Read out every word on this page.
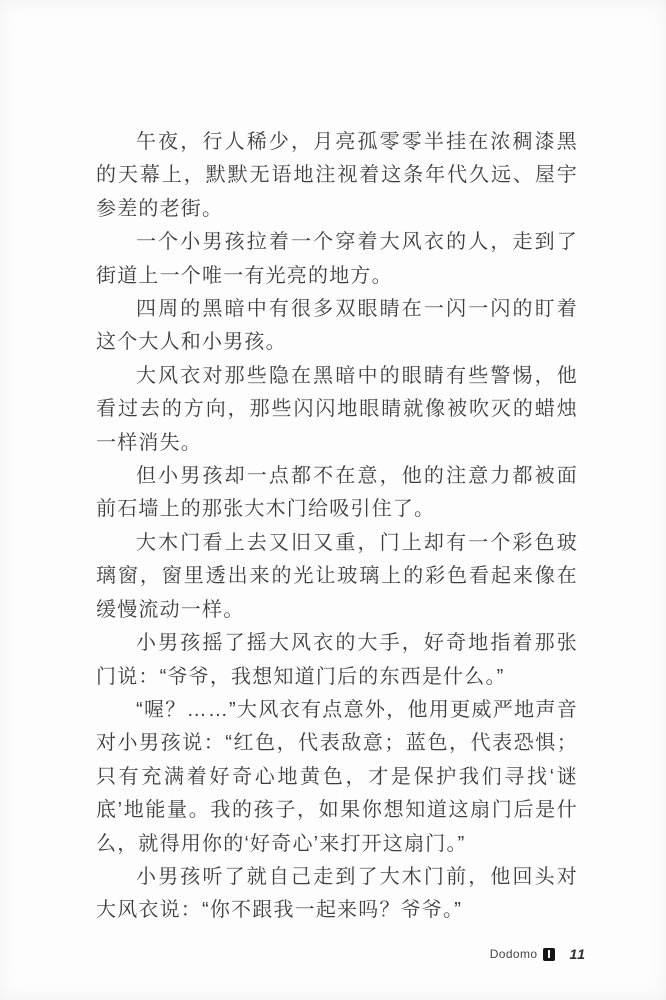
午夜，行人稀少，月亮孤零零半挂在浓稠漆黑的天幕上，默默无语地注视着这条年代久远、屋宇参差的老街。

一个小男孩拉着一个穿着大风衣的人，走到了街道上一个唯一有光亮的地方。

四周的黑暗中有很多双眼睛在一闪一闪的盯着这个大人和小男孩。

大风衣对那些隐在黑暗中的眼睛有些警惕，他看过去的方向，那些闪闪地眼睛就像被吹灭的蜡烛一样消失。

但小男孩却一点都不在意，他的注意力都被面前石墙上的那张大木门给吸引住了。

大木门看上去又旧又重，门上却有一个彩色玻璃窗，窗里透出来的光让玻璃上的彩色看起来像在缓慢流动一样。

小男孩摇了摇大风衣的大手，好奇地指着那张门说：“爷爷，我想知道门后的东西是什么。”

“喔？……”大风衣有点意外，他用更威严地声音对小男孩说：“红色，代表敌意；蓝色，代表恐惧；只有充满着好奇心地黄色，才是保护我们寻找‘谜底’地能量。我的孩子，如果你想知道这扇门后是什么，就得用你的‘好奇心’来打开这扇门。”

小男孩听了就自己走到了大木门前，他回头对大风衣说：“你不跟我一起来吗？爷爷。”

Dodomo 11
